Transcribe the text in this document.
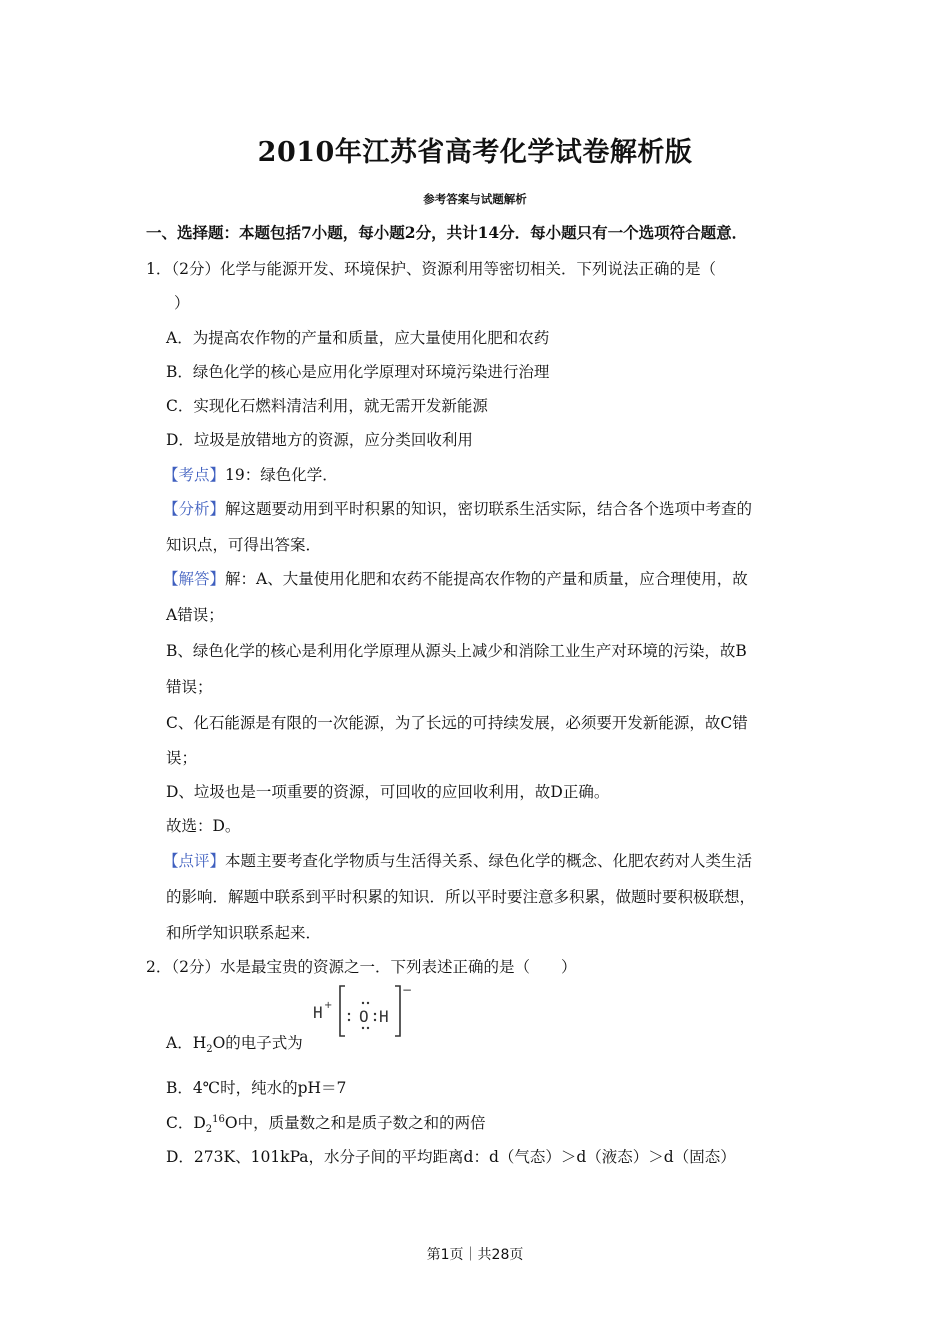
2010年江苏省高考化学试卷解析版
参考答案与试题解析
一、选择题：本题包括7小题，每小题2分，共计14分．每小题只有一个选项符合题意．
1．（2分）化学与能源开发、环境保护、资源利用等密切相关．下列说法正确的是（
）
A．为提高农作物的产量和质量，应大量使用化肥和农药
B．绿色化学的核心是应用化学原理对环境污染进行治理
C．实现化石燃料清洁利用，就无需开发新能源
D．垃圾是放错地方的资源，应分类回收利用
【考点】19：绿色化学．
【分析】解这题要动用到平时积累的知识，密切联系生活实际，结合各个选项中考查的
知识点，可得出答案．
【解答】解：A、大量使用化肥和农药不能提高农作物的产量和质量，应合理使用，故
A错误；
B、绿色化学的核心是利用化学原理从源头上减少和消除工业生产对环境的污染，故B
错误；
C、化石能源是有限的一次能源，为了长远的可持续发展，必须要开发新能源，故C错
误；
D、垃圾也是一项重要的资源，可回收的应回收利用，故D正确。
故选：D。
【点评】本题主要考查化学物质与生活得关系、绿色化学的概念、化肥农药对人类生活
的影响．解题中联系到平时积累的知识．所以平时要注意多积累，做题时要积极联想，
和所学知识联系起来．
2．（2分）水是最宝贵的资源之一．下列表述正确的是（　　）
H +
O H
−
A．$H_2O$的电子式为
B．4℃时，纯水的pH＝7
C．$D_2^{16}O$中，质量数之和是质子数之和的两倍
D．273K、101kPa，水分子间的平均距离d：d（气态）＞d（液态）＞d（固态）
第1页｜共28页
